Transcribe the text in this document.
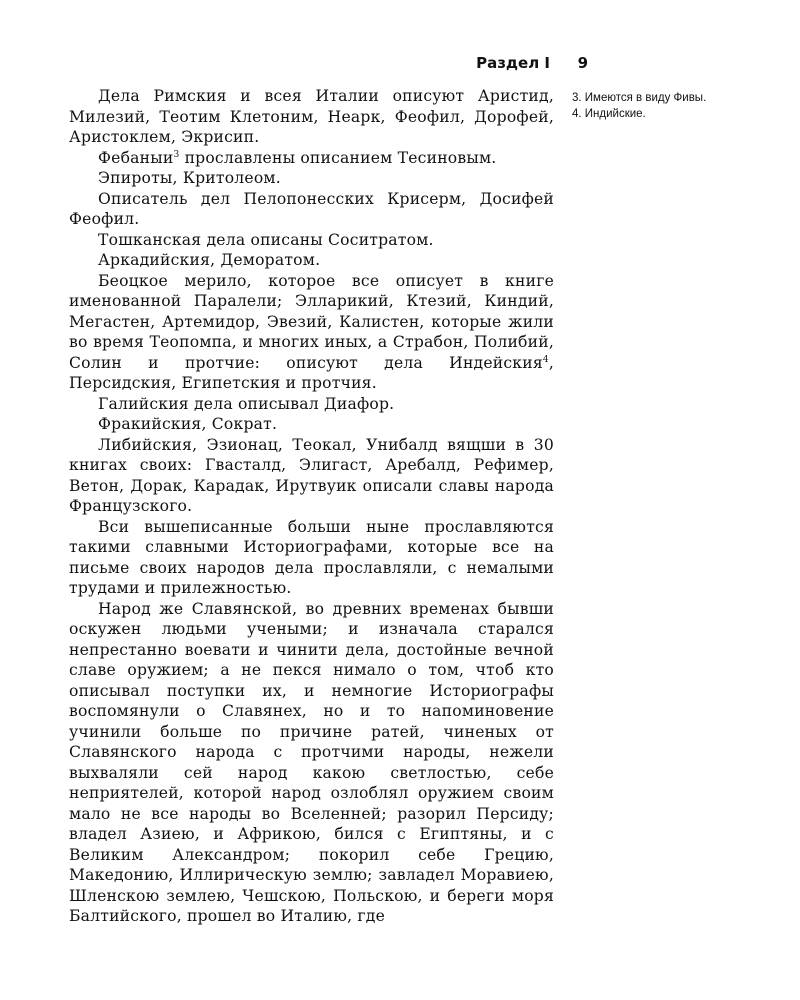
Раздел I 9

Дела Римския и всея Италии описуют Аристид, Милезий, Теотим Клетоним, Неарк, Феофил, Дорофей, Аристоклем, Экрисип.

Фебаныи$^3$ прославлены описанием Тесиновым.

Эпироты, Критолеом.

Описатель дел Пелопонесских Крисерм, Досифей Феофил.

Тошканская дела описаны Соситратом.

Аркадийския, Деморатом.

Беоцкое мерило, которое все описует в книге именованной Паралели; Элларикий, Ктезий, Киндий, Мегастен, Артемидор, Эвезий, Калистен, которые жили во время Теопомпа, и многих иных, а Страбон, Полибий, Солин и протчие: описуют дела Индейския$^4$, Персидския, Египетския и протчия.

Галийския дела описывал Диафор.

Фракийския, Сократ.

Либийския, Эзионац, Теокал, Унибалд вящши в 30 книгах своих: Гвасталд, Элигаст, Аребалд, Рефимер, Ветон, Дорак, Карадак, Ирутвуик описали славы народа Французского.

Вси вышеписанные больши ныне прославляются такими славными Историографами, которые все на письме своих народов дела прославляли, с немалыми трудами и прилежностью.

Народ же Славянской, во древних временах бывши оскужен людьми учеными; и изначала старался непрестанно воевати и чинити дела, достойные вечной славе оружием; а не пекся нимало о том, чтоб кто описывал поступки их, и немногие Историографы воспомянули о Славянех, но и то напоминовение учинили больше по причине ратей, чиненых от Славянского народа с протчими народы, нежели выхваляли сей народ какою светлостью, себе неприятелей, которой народ озлоблял оружием своим мало не все народы во Вселенней; разорил Персиду; владел Азиею, и Африкою, бился с Египтяны, и с Великим Александром; покорил себе Грецию, Македонию, Иллирическую землю; завладел Моравиею, Шленскою землею, Чешскою, Польскою, и береги моря Балтийского, прошел во Италию, где

3. Имеются в виду Фивы.

4. Индийские.
